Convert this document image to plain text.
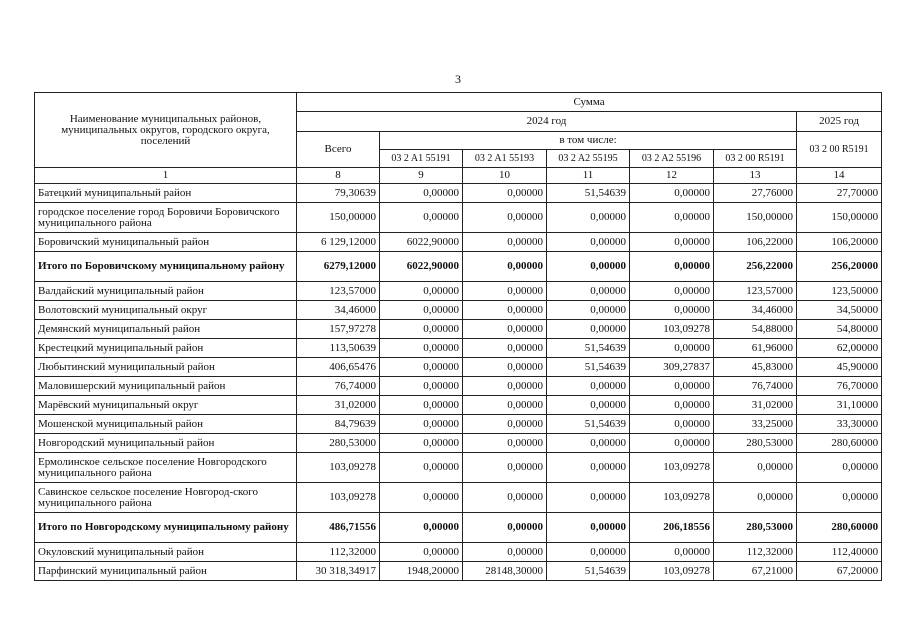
3
Наименование муниципальных районов, муниципальных округов, городского округа, поселений	Сумма						
	2024 год						2025 год
	Всего	в том числе:					03 2 00 R5191
		03 2 A1 55191	03 2 A1 55193	03 2 A2 55195	03 2 A2 55196	03 2 00 R5191	
1	8	9	10	11	12	13	14
Батецкий муниципальный район	79,30639	0,00000	0,00000	51,54639	0,00000	27,76000	27,70000
городское поселение город Боровичи Боровичского муниципального района	150,00000	0,00000	0,00000	0,00000	0,00000	150,00000	150,00000
Боровичский муниципальный район	6 129,12000	6022,90000	0,00000	0,00000	0,00000	106,22000	106,20000
Итого по Боровичскому муниципальному району	6279,12000	6022,90000	0,00000	0,00000	0,00000	256,22000	256,20000
Валдайский муниципальный район	123,57000	0,00000	0,00000	0,00000	0,00000	123,57000	123,50000
Волотовский муниципальный округ	34,46000	0,00000	0,00000	0,00000	0,00000	34,46000	34,50000
Демянский муниципальный район	157,97278	0,00000	0,00000	0,00000	103,09278	54,88000	54,80000
Крестецкий муниципальный район	113,50639	0,00000	0,00000	51,54639	0,00000	61,96000	62,00000
Любытинский муниципальный район	406,65476	0,00000	0,00000	51,54639	309,27837	45,83000	45,90000
Маловишерский муниципальный район	76,74000	0,00000	0,00000	0,00000	0,00000	76,74000	76,70000
Марёвский муниципальный округ	31,02000	0,00000	0,00000	0,00000	0,00000	31,02000	31,10000
Мошенской муниципальный район	84,79639	0,00000	0,00000	51,54639	0,00000	33,25000	33,30000
Новгородский муниципальный район	280,53000	0,00000	0,00000	0,00000	0,00000	280,53000	280,60000
Ермолинское сельское поселение Новгородского муниципального района	103,09278	0,00000	0,00000	0,00000	103,09278	0,00000	0,00000
Савинское сельское поселение Новгород-ского муниципального района	103,09278	0,00000	0,00000	0,00000	103,09278	0,00000	0,00000
Итого по Новгородскому муниципальному району	486,71556	0,00000	0,00000	0,00000	206,18556	280,53000	280,60000
Окуловский муниципальный район	112,32000	0,00000	0,00000	0,00000	0,00000	112,32000	112,40000
Парфинский муниципальный район	30 318,34917	1948,20000	28148,30000	51,54639	103,09278	67,21000	67,20000
